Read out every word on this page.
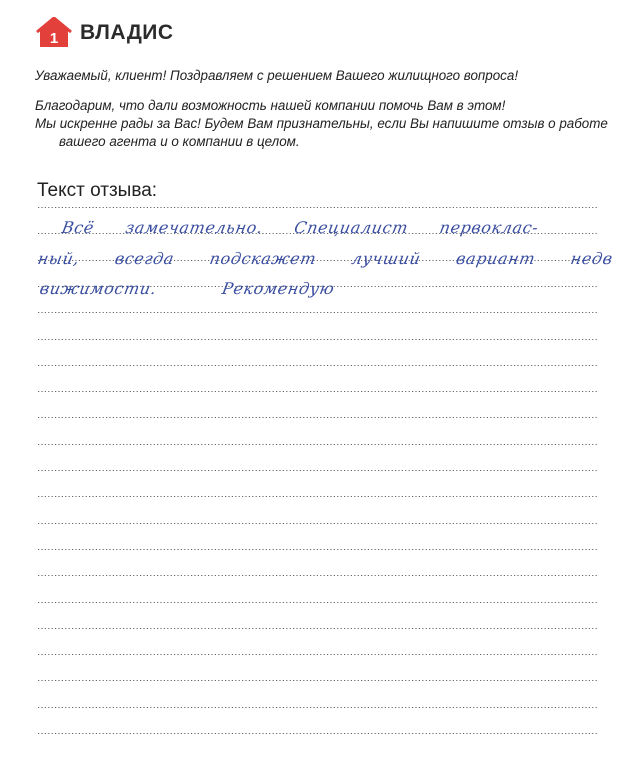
1 ВЛАДИС

Уважаемый, клиент! Поздравляем с решением Вашего жилищного вопроса!

Благодарим, что дали возможность нашей компании помочь Вам в этом!

Мы искренне рады за Вас! Будем Вам признательны, если Вы напишите отзыв о работе

вашего агента и о компании в целом.

Текст отзыва:
Всё замечательно. Специалист первоклас-
ный, всегда подскажет лучший вариант недв
вижимости. Рекомендую
